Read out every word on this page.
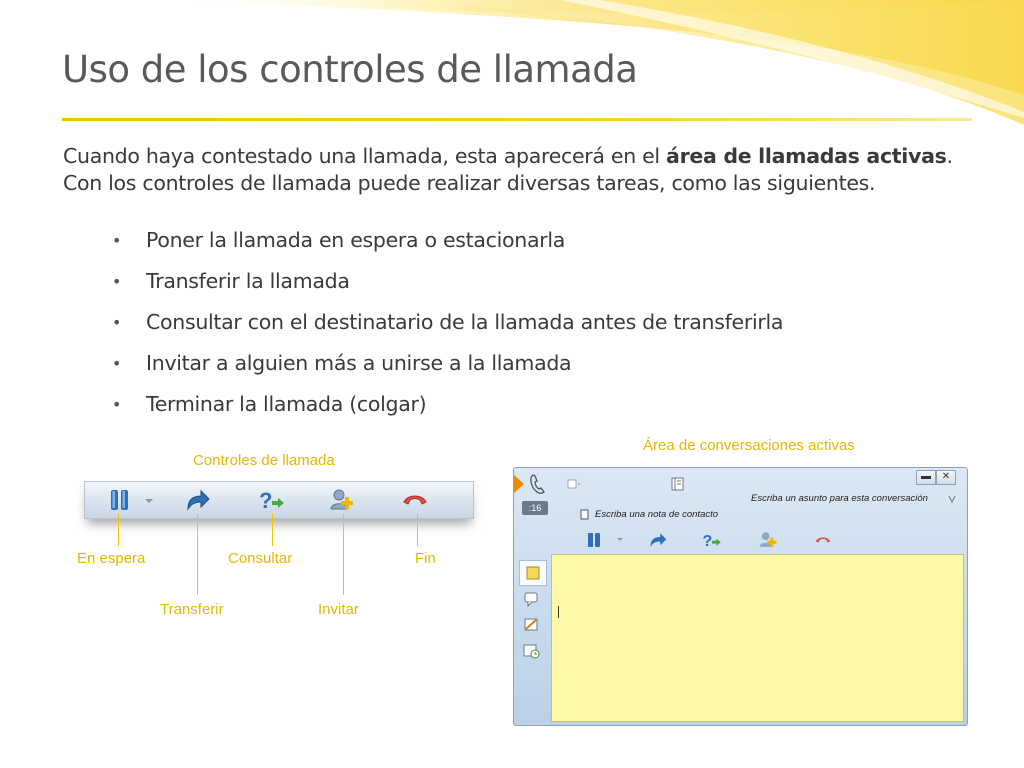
Uso de los controles de llamada
Cuando haya contestado una llamada, esta aparecerá en el área de llamadas activas.
Con los controles de llamada puede realizar diversas tareas, como las siguientes.
• Poner la llamada en espera o estacionarla
• Transferir la llamada
• Consultar con el destinatario de la llamada antes de transferirla
• Invitar a alguien más a unirse a la llamada
• Terminar la llamada (colgar)
Controles de llamada
?
En espera	Consultar	Fin
Transferir	Invitar
Área de conversaciones activas
▬	✕
Escriba un asunto para esta conversación
:16
Escriba una nota de contacto
?
